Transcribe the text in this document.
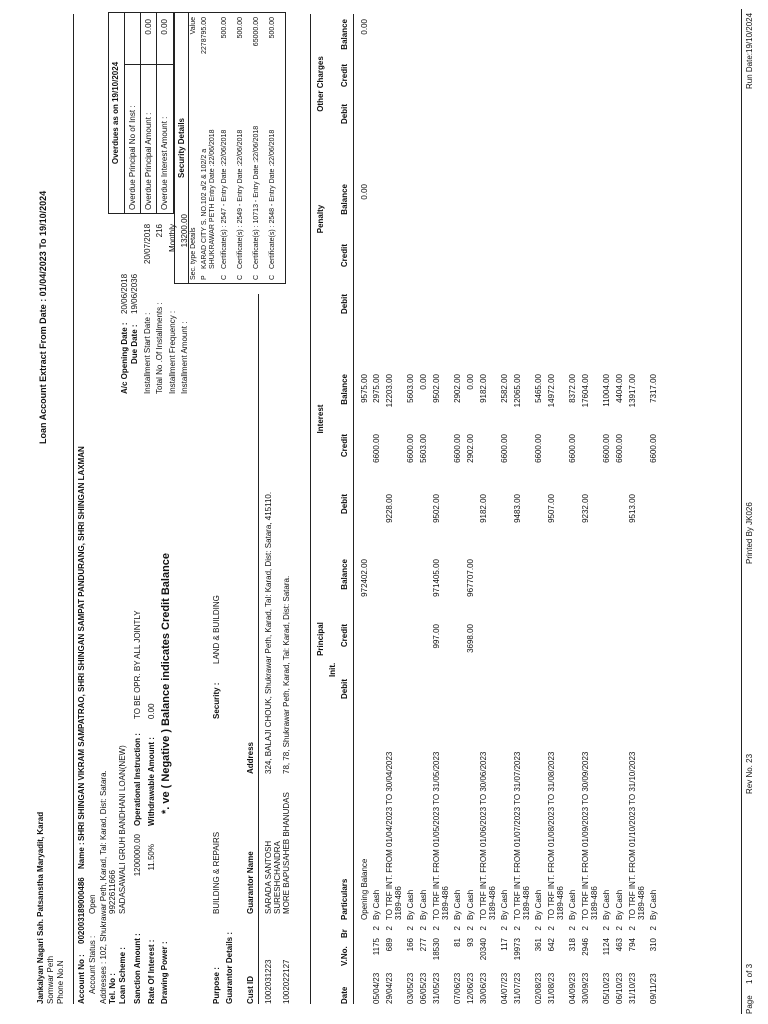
Jankalyan Nagari Sah. Patsanstha Maryadit, Karad Somwar Peth Phone No.N
Loan Account Extract From Date : 01/04/2023 To 19/10/2024
Account No :
002003189000486
Name :
SHRI SHINGAN VIKRAM SAMPATRAO, SHRI SHINGAN SAMPAT PANDURANG, SHRI SHINGAN LAXMAN
Account Status :
Open Addresses : 102, Shukrawar Peth, Karad, Tal: Karad, Dist: Satara. Tel. No :
9922611666
Loan Scheme :
SADASAWALI GRUH BANDHANI LOAN(NEW)
Sanction Amount :
1200000.00
Rate Of Interest :
11.50%
Drawing Power :
Operational Instruction :
TO BE OPR. BY ALL JOINTLY
Withdrawable Amount :
0.00
A/c Opening Date :
20/06/2018
Due Date :
19/06/2036
Installment Start Date :
20/07/2018
Total No .Of Installments :
216
Installment Frequency :
Monthly
Installment Amount :
13200.00
*. ve ( Negative ) Balance indicates Credit Balance
Overdues as on 19/10/2024
Overdue Principal No of Inst : Overdue Principal Amount :
0.00
Overdue Interest Amount :
0.00
Security Details
Sec. type Details
Value
P
KARAD CITY S. NO.102 a/2 & 102/2 a SHUKRAWAR PETH Entry Date :22/06/2018
2278795.00
C
Certificate(s) : 2547 - Entry Date :22/06/2018
500.00
C
Certificate(s) : 2549 - Entry Date :22/06/2018
500.00
C
Certificate(s) : 10713 - Entry Date :22/06/2018
65000.00
C
Certificate(s) : 2548 - Entry Date :22/06/2018
500.00
Purpose :
BUILDING & REPAIRS
Security :
LAND & BUILDING
Guarantor Details : Cust ID
Guarantor Name
Address
1002031223
SARADA SANTOSH SURESHCHANDRA
324, BALAJI CHOUK, Shukrawar Peth, Karad, Tal: Karad, Dist: Satara, 415110.
1002022127
MORE BAPUSAHEB BHANUDAS
78, 78, Shukrawar Peth, Karad, Tal: Karad, Dist: Satara.	Principal
Interest
Penalty
Other Charges
Init.
Date
V.No.
Br
Particulars
Debit
Credit
Balance
Debit
Credit
Balance
Debit
Credit
Balance
Debit
Credit
Balance
Opening Balance
972402.00
9575.00
0.00
0.00
05/04/23
1175
2
By Cash
6600.00
2975.00
29/04/23
689
2
TO TRF INT. FROM 01/04/2023 TO 30/04/2023 3189-486
9228.00
12203.00
03/05/23
166
2
By Cash
6600.00
5603.00
06/05/23
277
2
By Cash
5603.00
0.00
31/05/23
18530
2
TO TRF INT. FROM 01/05/2023 TO 31/05/2023 3189-486
997.00
971405.00
9502.00
9502.00
07/06/23
81
2
By Cash
6600.00
2902.00
12/06/23
93
2
By Cash
3698.00
967707.00
2902.00
0.00
30/06/23
20340
2
TO TRF INT. FROM 01/06/2023 TO 30/06/2023 3189-486
9182.00
9182.00
04/07/23
117
2
By Cash
6600.00
2582.00
31/07/23
19973
2
TO TRF INT. FROM 01/07/2023 TO 31/07/2023 3189-486
9483.00
12065.00
02/08/23
361
2
By Cash
6600.00
5465.00
31/08/23
642
2
TO TRF INT. FROM 01/08/2023 TO 31/08/2023 3189-486
9507.00
14972.00
04/09/23
318
2
By Cash
6600.00
8372.00
30/09/23
2946
2
TO TRF INT. FROM 01/09/2023 TO 30/09/2023 3189-486
9232.00
17604.00
05/10/23
1124
2
By Cash
6600.00
11004.00
06/10/23
463
2
By Cash
6600.00
4404.00
31/10/23
794
2
TO TRF INT. FROM 01/10/2023 TO 31/10/2023 3189-486
9513.00
13917.00
09/11/23
310
2
By Cash
6600.00
7317.00
Page
1 of 3
Rev No. 23
Printed By JK026
Run Date:19/10/2024
